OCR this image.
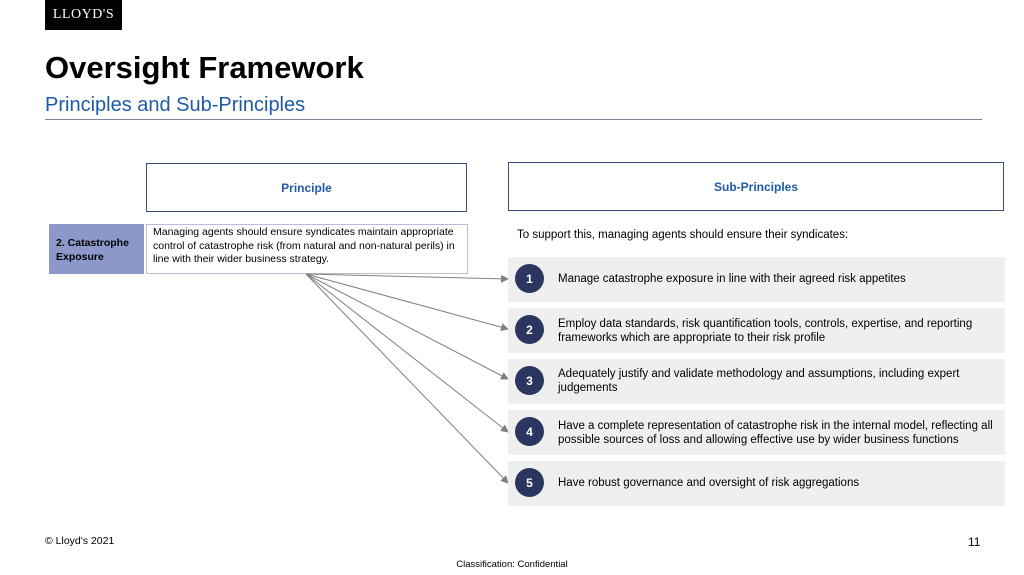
LLOYD'S
Oversight Framework
Principles and Sub-Principles
Principle	Sub-Principles
2. Catastrophe Exposure
Managing agents should ensure syndicates maintain appropriate control of catastrophe risk (from natural and non-natural perils) in line with their wider business strategy.
To support this, managing agents should ensure their syndicates:
1	Manage catastrophe exposure in line with their agreed risk appetites
2	Employ data standards, risk quantification tools, controls, expertise, and reporting frameworks which are appropriate to their risk profile
3	Adequately justify and validate methodology and assumptions, including expert judgements
4	Have a complete representation of catastrophe risk in the internal model, reflecting all possible sources of loss and allowing effective use by wider business functions
5	Have robust governance and oversight of risk aggregations
© Lloyd's 2021	11
Classification: Confidential
